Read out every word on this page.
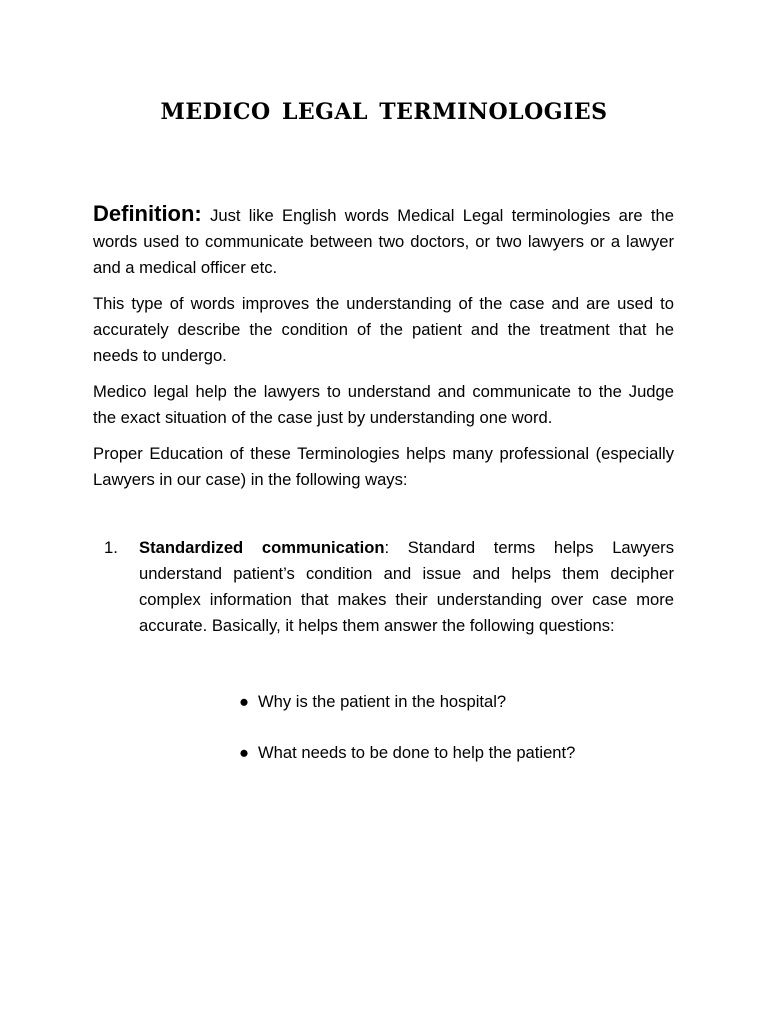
medico legal terminologies

Definition: Just like English words Medical Legal terminologies are the words used to communicate between two doctors, or two lawyers or a lawyer and a medical officer etc.

This type of words improves the understanding of the case and are used to accurately describe the condition of the patient and the treatment that he needs to undergo.

Medico legal help the lawyers to understand and communicate to the Judge the exact situation of the case just by understanding one word.

Proper Education of these Terminologies helps many professional (especially Lawyers in our case) in the following ways:

1. Standardized communication: Standard terms helps Lawyers understand patient’s condition and issue and helps them decipher complex information that makes their understanding over case more accurate. Basically, it helps them answer the following questions:
● Why is the patient in the hospital?
● What needs to be done to help the patient?
